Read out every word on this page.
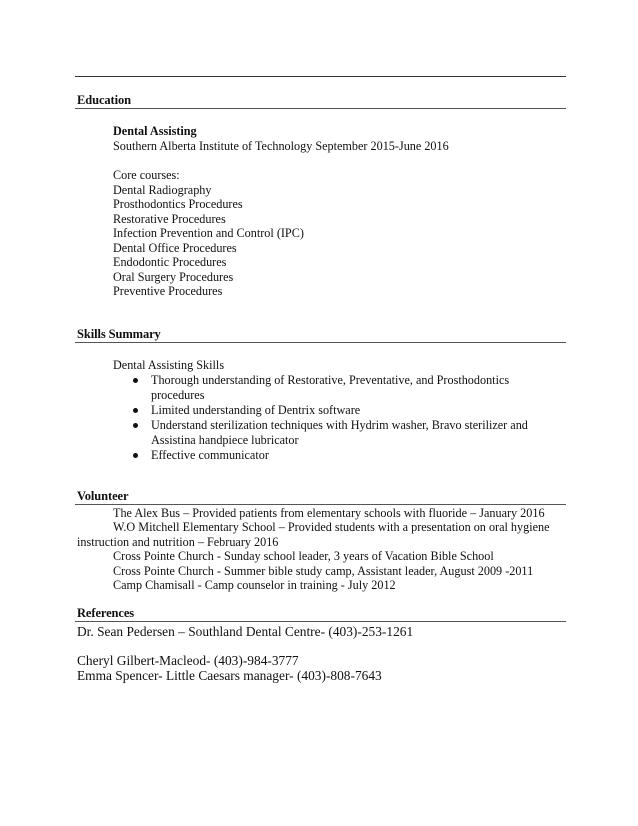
Education
Dental Assisting
Southern Alberta Institute of Technology September 2015-June 2016
Core courses:
Dental Radiography
Prosthodontics Procedures
Restorative Procedures
Infection Prevention and Control (IPC)
Dental Office Procedures
Endodontic Procedures
Oral Surgery Procedures
Preventive Procedures
Skills Summary
Dental Assisting Skills
Thorough understanding of Restorative, Preventative, and Prosthodontics
procedures
Limited understanding of Dentrix software
Understand sterilization techniques with Hydrim washer, Bravo sterilizer and
Assistina handpiece lubricator
Effective communicator
Volunteer
The Alex Bus – Provided patients from elementary schools with fluoride – January 2016
W.O Mitchell Elementary School – Provided students with a presentation on oral hygiene
instruction and nutrition – February 2016
Cross Pointe Church - Sunday school leader, 3 years of Vacation Bible School
Cross Pointe Church - Summer bible study camp, Assistant leader, August 2009 -2011
Camp Chamisall - Camp counselor in training - July 2012
References
Dr. Sean Pedersen – Southland Dental Centre- (403)-253-1261
Cheryl Gilbert-Macleod- (403)-984-3777
Emma Spencer- Little Caesars manager- (403)-808-7643
